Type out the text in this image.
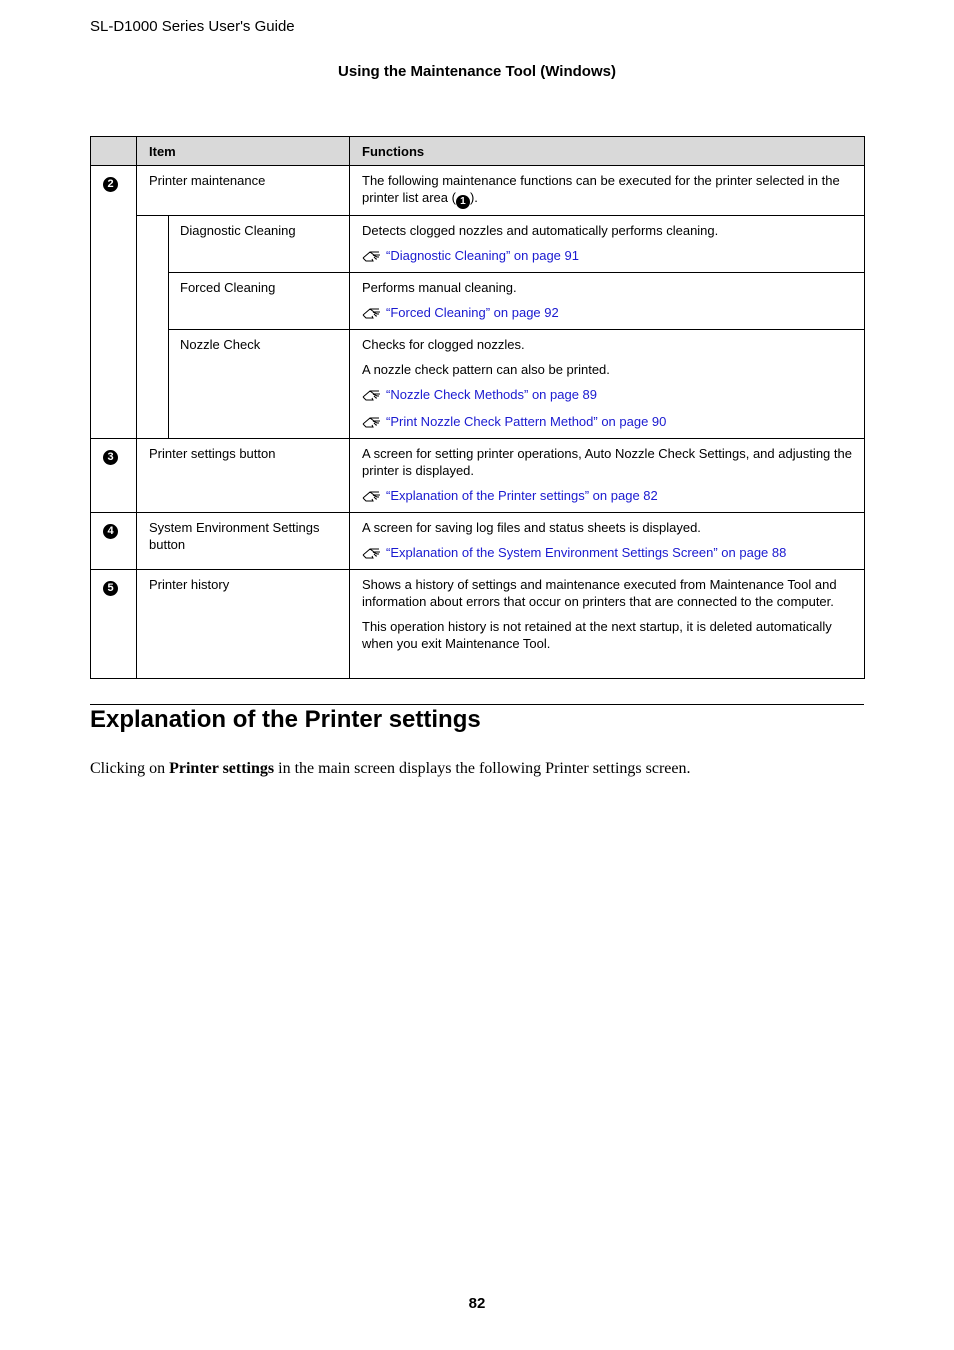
SL-D1000 Series User's Guide
Using the Maintenance Tool (Windows)
	Item		Functions
2	Printer maintenance		The following maintenance functions can be executed for the printer selected in the printer list area ( 1 ).
		Diagnostic Cleaning	Detects clogged nozzles and automatically performs cleaning.

“Diagnostic Cleaning” on page 91

		Forced Cleaning	Performs manual cleaning.

“Forced Cleaning” on page 92

		Nozzle Check	Checks for clogged nozzles.

A nozzle check pattern can also be printed.

“Nozzle Check Methods” on page 89

“Print Nozzle Check Pattern Method” on page 90

3	Printer settings button		A screen for setting printer operations, Auto Nozzle Check Settings, and adjusting the printer is displayed.

“Explanation of the Printer settings” on page 82

4	System Environment Settings button		A screen for saving log files and status sheets is displayed.

“Explanation of the System Environment Settings Screen” on page 88

5	Printer history		Shows a history of settings and maintenance executed from Maintenance Tool and information about errors that occur on printers that are connected to the computer.

This operation history is not retained at the next startup, it is deleted automatically when you exit Maintenance Tool.

Explanation of the Printer settings
Clicking on Printer settings in the main screen displays the following Printer settings screen.
82
